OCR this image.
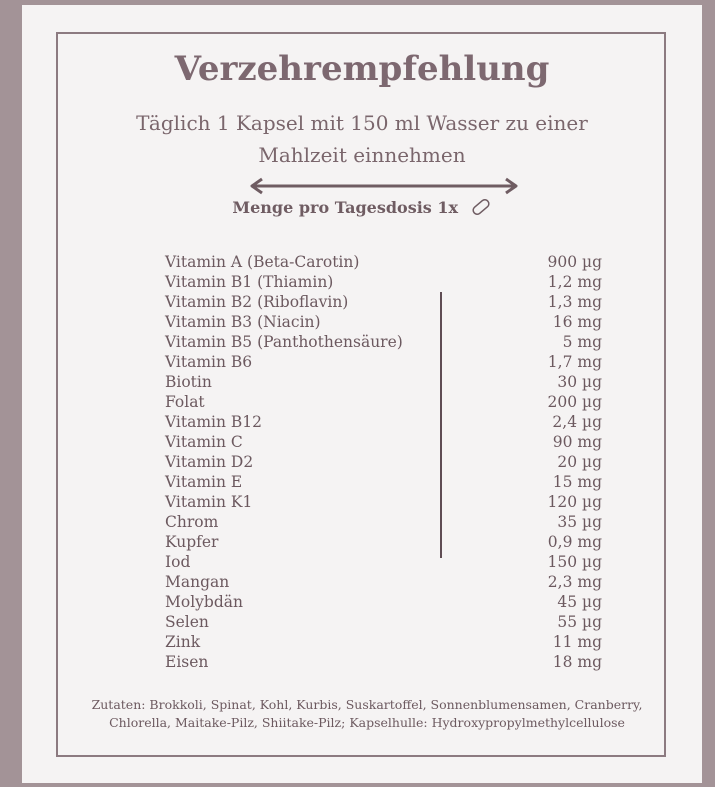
Verzehrempfehlung
Täglich 1 Kapsel mit 150 ml Wasser zu einer Mahlzeit einnehmen
Menge pro Tagesdosis 1x
Vitamin A (Beta-Carotin)	900 µg
Vitamin B1 (Thiamin)	1,2 mg
Vitamin B2 (Riboflavin)	1,3 mg
Vitamin B3 (Niacin)	16 mg
Vitamin B5 (Panthothensäure)	5 mg
Vitamin B6	1,7 mg
Biotin	30 µg
Folat	200 µg
Vitamin B12	2,4 µg
Vitamin C	90 mg
Vitamin D2	20 µg
Vitamin E	15 mg
Vitamin K1	120 µg
Chrom	35 µg
Kupfer	0,9 mg
Iod	150 µg
Mangan	2,3 mg
Molybdän	45 µg
Selen	55 µg
Zink	11 mg
Eisen	18 mg
Zutaten: Brokkoli, Spinat, Kohl, Kurbis, Suskartoffel, Sonnenblumensamen, Cranberry, Chlorella, Maitake-Pilz, Shiitake-Pilz; Kapselhulle: Hydroxypropylmethylcellulose
